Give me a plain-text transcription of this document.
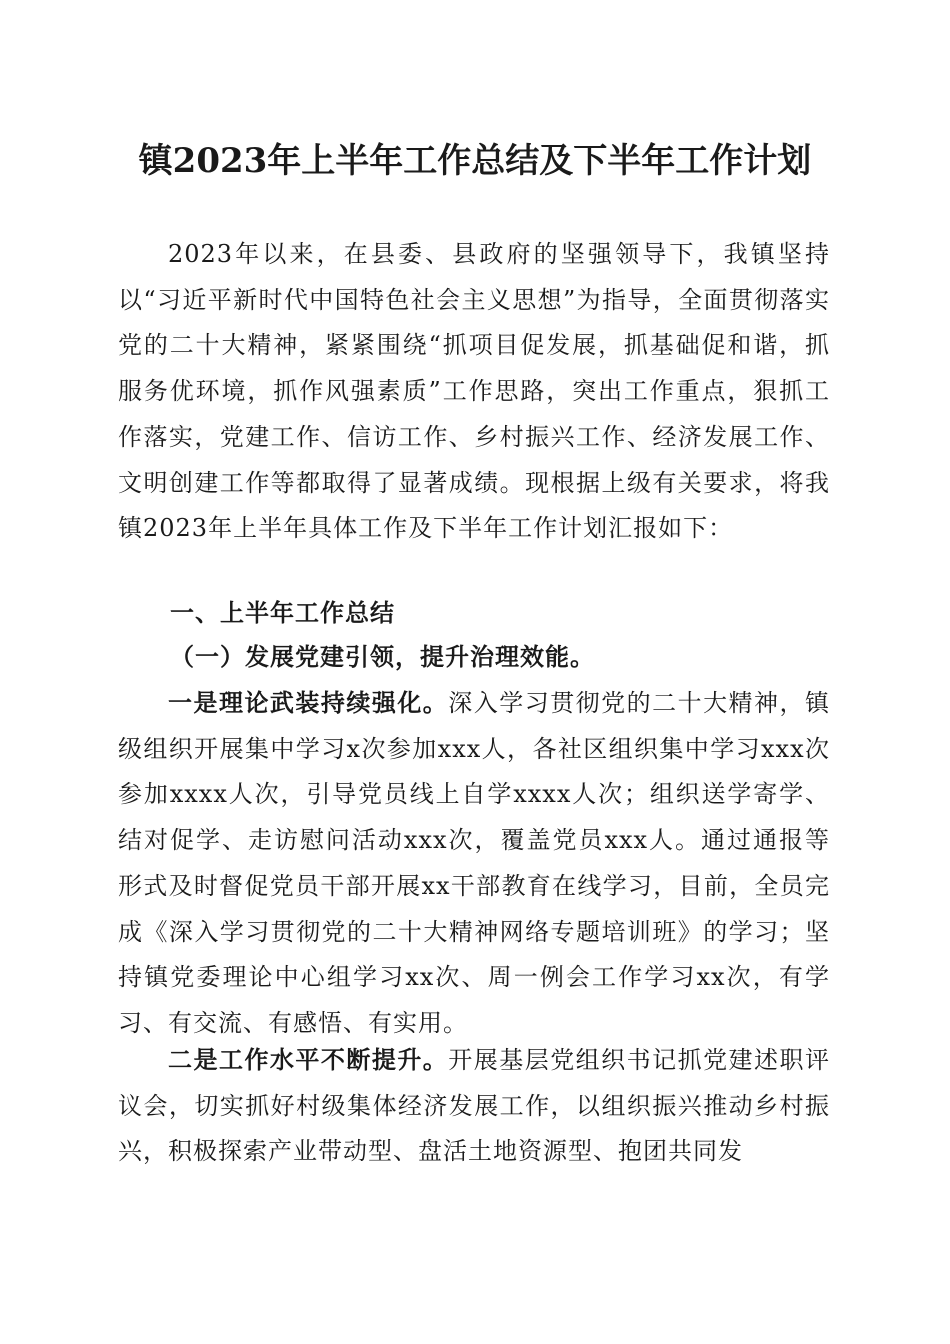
镇2023年上半年工作总结及下半年工作计划
2023年以来，在县委、县政府的坚强领导下，我镇坚持以“习近平新时代中国特色社会主义思想”为指导，全面贯彻落实党的二十大精神，紧紧围绕“抓项目促发展，抓基础促和谐，抓服务优环境，抓作风强素质”工作思路，突出工作重点，狠抓工作落实，党建工作、信访工作、乡村振兴工作、经济发展工作、文明创建工作等都取得了显著成绩。现根据上级有关要求，将我镇2023年上半年具体工作及下半年工作计划汇报如下：
一、上半年工作总结
（一）发展党建引领，提升治理效能。
一是理论武装持续强化。深入学习贯彻党的二十大精神，镇级组织开展集中学习x次参加xxx人，各社区组织集中学习xxx次参加xxxx人次，引导党员线上自学xxxx人次；组织送学寄学、结对促学、走访慰问活动xxx次，覆盖党员xxx人。通过通报等形式及时督促党员干部开展xx干部教育在线学习，目前，全员完成《深入学习贯彻党的二十大精神网络专题培训班》的学习；坚持镇党委理论中心组学习xx次、周一例会工作学习xx次，有学习、有交流、有感悟、有实用。
二是工作水平不断提升。开展基层党组织书记抓党建述职评议会，切实抓好村级集体经济发展工作，以组织振兴推动乡村振兴，积极探索产业带动型、盘活土地资源型、抱团共同发
